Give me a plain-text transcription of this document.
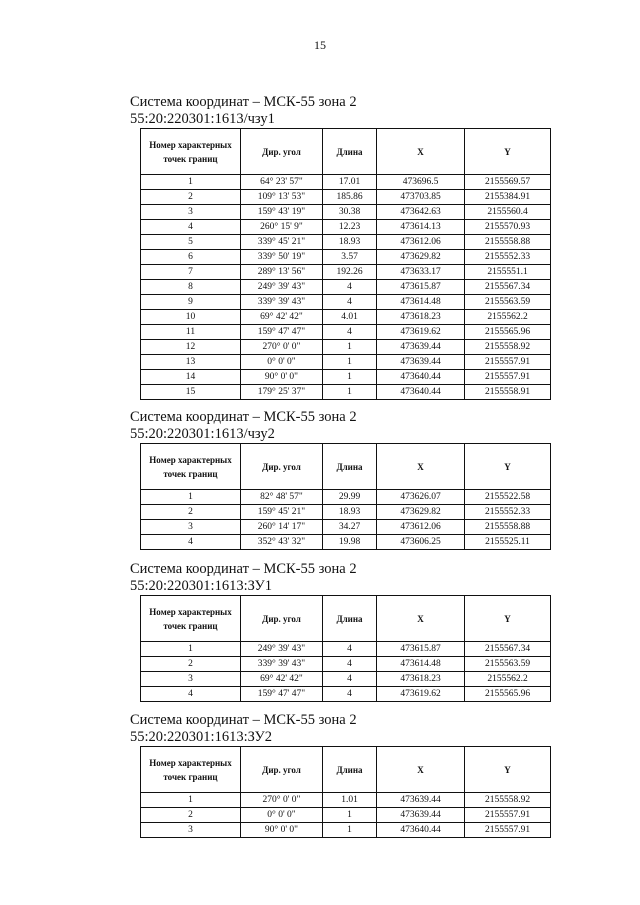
15

Система координат – МСК-55 зона 2

55:20:220301:1613/чзу1

Номер характерных точек границ	Дир. угол	Длина	X	Y
1	64° 23' 57"	17.01	473696.5	2155569.57
2	109° 13' 53"	185.86	473703.85	2155384.91
3	159° 43' 19"	30.38	473642.63	2155560.4
4	260° 15' 9"	12.23	473614.13	2155570.93
5	339° 45' 21"	18.93	473612.06	2155558.88
6	339° 50' 19"	3.57	473629.82	2155552.33
7	289° 13' 56"	192.26	473633.17	2155551.1
8	249° 39' 43"	4	473615.87	2155567.34
9	339° 39' 43"	4	473614.48	2155563.59
10	69° 42' 42"	4.01	473618.23	2155562.2
11	159° 47' 47"	4	473619.62	2155565.96
12	270° 0' 0"	1	473639.44	2155558.92
13	0° 0' 0"	1	473639.44	2155557.91
14	90° 0' 0"	1	473640.44	2155557.91
15	179° 25' 37"	1	473640.44	2155558.91

Система координат – МСК-55 зона 2

55:20:220301:1613/чзу2

Номер характерных точек границ	Дир. угол	Длина	X	Y
1	82° 48' 57"	29.99	473626.07	2155522.58
2	159° 45' 21"	18.93	473629.82	2155552.33
3	260° 14' 17"	34.27	473612.06	2155558.88
4	352° 43' 32"	19.98	473606.25	2155525.11

Система координат – МСК-55 зона 2

55:20:220301:1613:ЗУ1

Номер характерных точек границ	Дир. угол	Длина	X	Y
1	249° 39' 43"	4	473615.87	2155567.34
2	339° 39' 43"	4	473614.48	2155563.59
3	69° 42' 42"	4	473618.23	2155562.2
4	159° 47' 47"	4	473619.62	2155565.96

Система координат – МСК-55 зона 2

55:20:220301:1613:ЗУ2

Номер характерных точек границ	Дир. угол	Длина	X	Y
1	270° 0' 0"	1.01	473639.44	2155558.92
2	0° 0' 0"	1	473639.44	2155557.91
3	90° 0' 0"	1	473640.44	2155557.91
